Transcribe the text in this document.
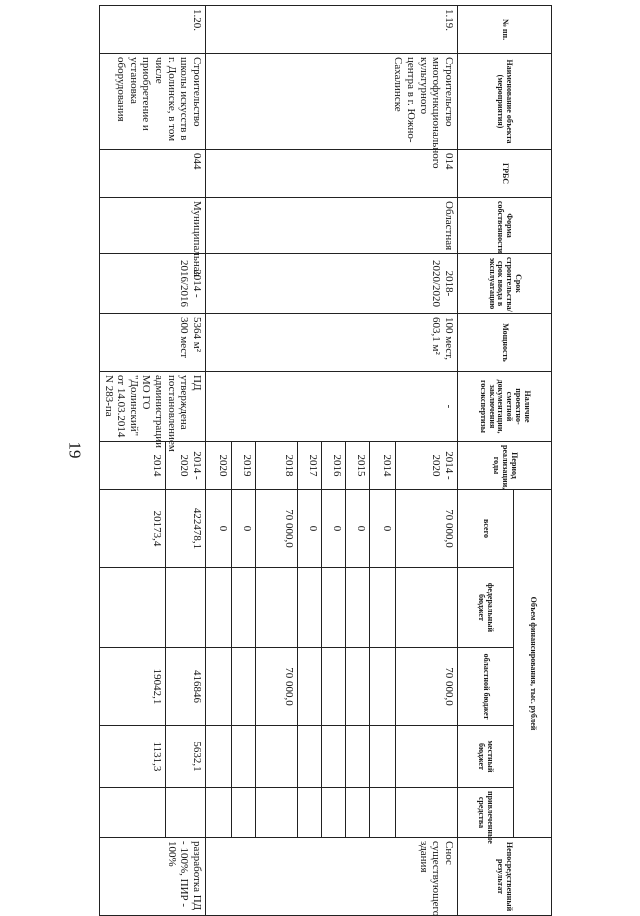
19
№ пп.	Наименование объекта (мероприятия)	ГРБС	Форма собственности	Срок строительства/срок ввода в эксплуатацию	Мощность	Наличие проектно-сметной документации, заключения госэкспертизы	Период реализации, годы	Объем финансирования, тыс. рублей					Непосредственный результат
								всего	федеральный бюджет	областной бюджет	местный бюджет	привлеченные средства	
1.19.	Строительство многофункционального культурного центра в г. Южно-Сахалинске	014	Областная	2018-2020/2020	100 мест, 603,1 м²	-	2014 - 2020	70 000,0		70 000,0			Снос существующего здания
							2014	0					
							2015	0					
							2016	0					
							2017	0					
							2018	70 000,0		70 000,0			
							2019	0					
							2020	0					
1.20.	Строительство школы искусств в г. Долинске, в том числе приобретение и установка оборудования	044	Муниципальная	2014 - 2016/2016	5364 м² 300 мест	ПД утверждена постановлением администрации МО ГО "Долинский" от 14.03.2014 N 283-па	2014 - 2020	422478,1		416846	5632,1		разработка ПД - 100%, ПИР - 100%
							2014	20173,4		19042,1	1131,3		
